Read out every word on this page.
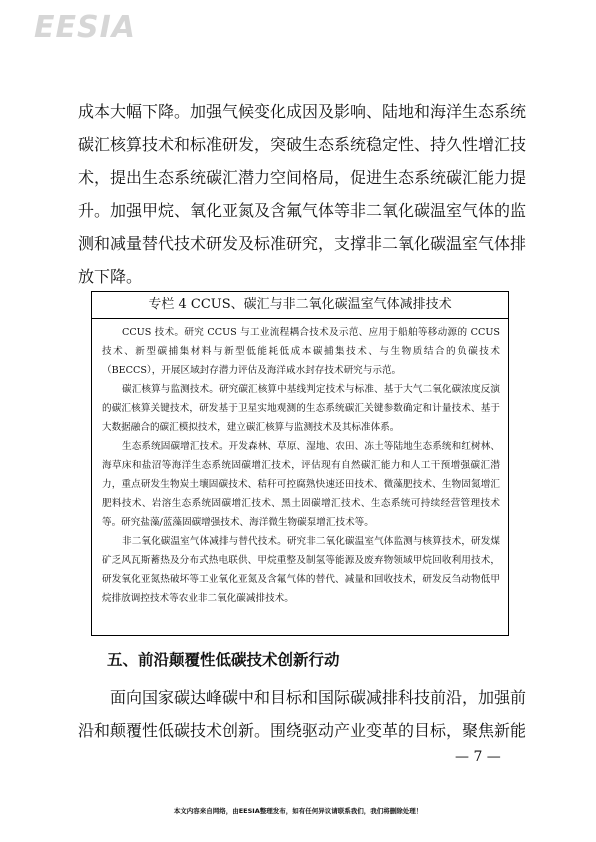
EESIA

成本大幅下降。加强气候变化成因及影响、陆地和海洋生态系统碳汇核算技术和标准研发，突破生态系统稳定性、持久性增汇技术，提出生态系统碳汇潜力空间格局，促进生态系统碳汇能力提升。加强甲烷、氧化亚氮及含氟气体等非二氧化碳温室气体的监测和减量替代技术研发及标准研究，支撑非二氧化碳温室气体排放下降。

专栏 4 CCUS、碳汇与非二氧化碳温室气体减排技术

CCUS 技术。研究 CCUS 与工业流程耦合技术及示范、应用于船舶等移动源的 CCUS 技术、新型碳捕集材料与新型低能耗低成本碳捕集技术、与生物质结合的负碳技术（BECCS），开展区域封存潜力评估及海洋咸水封存技术研究与示范。

碳汇核算与监测技术。研究碳汇核算中基线判定技术与标准、基于大气二氧化碳浓度反演的碳汇核算关键技术，研发基于卫星实地观测的生态系统碳汇关键参数确定和计量技术、基于大数据融合的碳汇模拟技术，建立碳汇核算与监测技术及其标准体系。

生态系统固碳增汇技术。开发森林、草原、湿地、农田、冻土等陆地生态系统和红树林、海草床和盐沼等海洋生态系统固碳增汇技术，评估现有自然碳汇能力和人工干预增强碳汇潜力，重点研发生物炭土壤固碳技术、秸秆可控腐熟快速还田技术、微藻肥技术、生物固氮增汇肥料技术、岩溶生态系统固碳增汇技术、黑土固碳增汇技术、生态系统可持续经营管理技术等。研究盐藻/蓝藻固碳增强技术、海洋微生物碳泵增汇技术等。

非二氧化碳温室气体减排与替代技术。研究非二氧化碳温室气体监测与核算技术，研发煤矿乏风瓦斯蓄热及分布式热电联供、甲烷重整及制氢等能源及废弃物领域甲烷回收利用技术，研发氧化亚氮热破坏等工业氧化亚氮及含氟气体的替代、减量和回收技术，研发反刍动物低甲烷排放调控技术等农业非二氧化碳减排技术。

五、前沿颠覆性低碳技术创新行动

面向国家碳达峰碳中和目标和国际碳减排科技前沿，加强前沿和颠覆性低碳技术创新。围绕驱动产业变革的目标，聚焦新能

— 7 —
本文内容来自网络，由EESIA整理发布，如有任何异议请联系我们，我们将删除处理！
